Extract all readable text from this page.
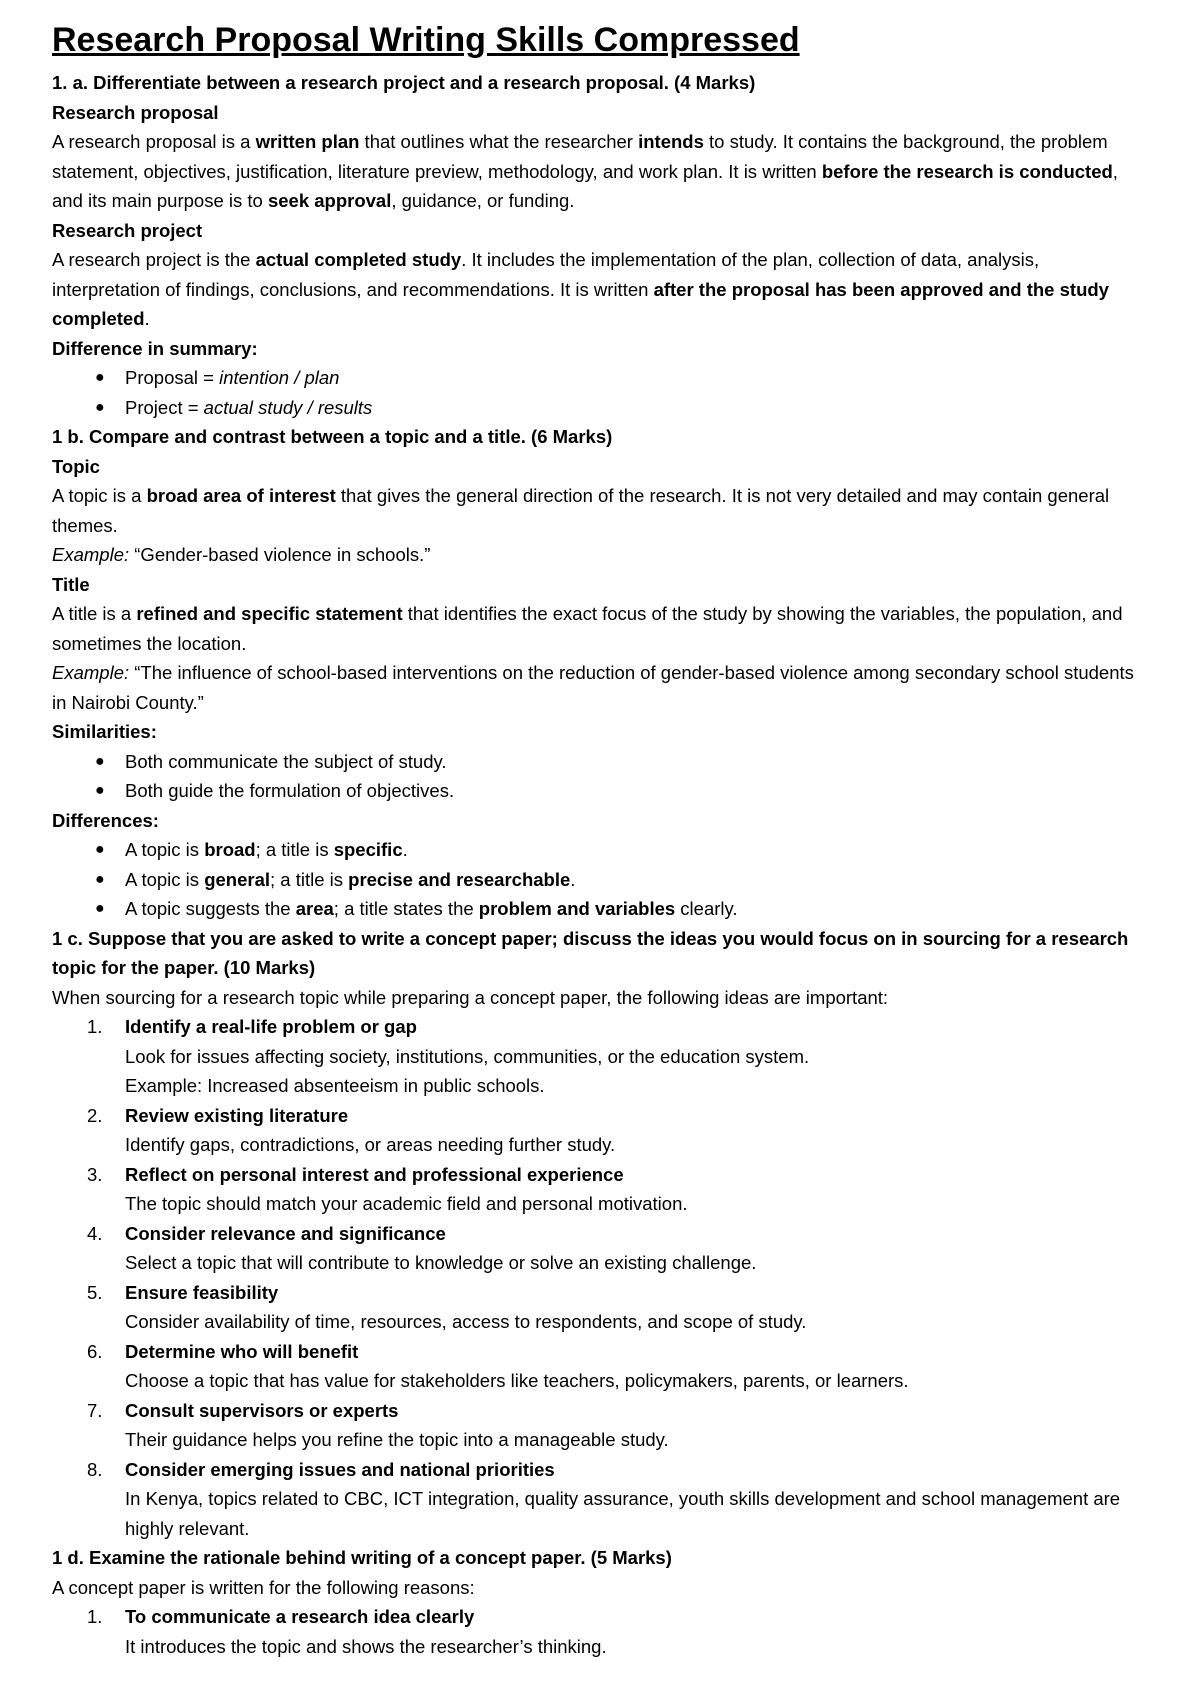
Research Proposal Writing Skills Compressed

1. a. Differentiate between a research project and a research proposal. (4 Marks)

Research proposal

A research proposal is a written plan that outlines what the researcher intends to study. It contains the background, the problem statement, objectives, justification, literature preview, methodology, and work plan. It is written before the research is conducted, and its main purpose is to seek approval, guidance, or funding.

Research project

A research project is the actual completed study. It includes the implementation of the plan, collection of data, analysis, interpretation of findings, conclusions, and recommendations. It is written after the proposal has been approved and the study completed.

Difference in summary:

● Proposal = intention / plan
● Project = actual study / results

1 b. Compare and contrast between a topic and a title. (6 Marks)

Topic

A topic is a broad area of interest that gives the general direction of the research. It is not very detailed and may contain general themes.

Example: “Gender-based violence in schools.”

Title

A title is a refined and specific statement that identifies the exact focus of the study by showing the variables, the population, and sometimes the location.

Example: “The influence of school-based interventions on the reduction of gender-based violence among secondary school students in Nairobi County.”

Similarities:

● Both communicate the subject of study.
● Both guide the formulation of objectives.

Differences:

● A topic is broad; a title is specific.
● A topic is general; a title is precise and researchable.
● A topic suggests the area; a title states the problem and variables clearly.

1 c. Suppose that you are asked to write a concept paper; discuss the ideas you would focus on in sourcing for a research topic for the paper. (10 Marks)

When sourcing for a research topic while preparing a concept paper, the following ideas are important:

1. Identify a real-life problem or gap
Look for issues affecting society, institutions, communities, or the education system.
Example: Increased absenteeism in public schools.
2. Review existing literature
Identify gaps, contradictions, or areas needing further study.
3. Reflect on personal interest and professional experience
The topic should match your academic field and personal motivation.
4. Consider relevance and significance
Select a topic that will contribute to knowledge or solve an existing challenge.
5. Ensure feasibility
Consider availability of time, resources, access to respondents, and scope of study.
6. Determine who will benefit
Choose a topic that has value for stakeholders like teachers, policymakers, parents, or learners.
7. Consult supervisors or experts
Their guidance helps you refine the topic into a manageable study.
8. Consider emerging issues and national priorities
In Kenya, topics related to CBC, ICT integration, quality assurance, youth skills development and school management are highly relevant.

1 d. Examine the rationale behind writing of a concept paper. (5 Marks)

A concept paper is written for the following reasons:

1. To communicate a research idea clearly
It introduces the topic and shows the researcher’s thinking.
